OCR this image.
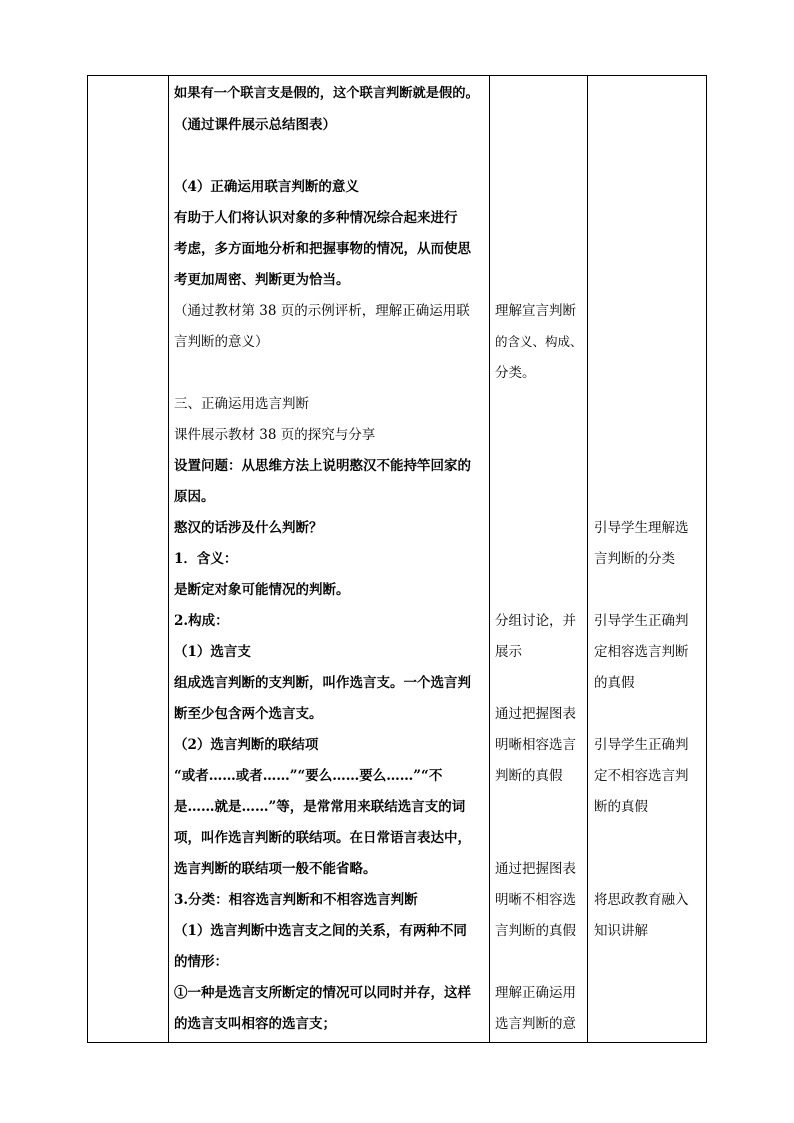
如果有一个联言支是假的，这个联言判断就是假的。
（通过课件展示总结图表）
（4）正确运用联言判断的意义
有助于人们将认识对象的多种情况综合起来进行
考虑，多方面地分析和把握事物的情况，从而使思
考更加周密、判断更为恰当。
（通过教材第 38 页的示例评析，理解正确运用联
言判断的意义）
三、正确运用选言判断
课件展示教材 38 页的探究与分享
设置问题：从思维方法上说明憨汉不能持竿回家的
原因。
憨汉的话涉及什么判断？
1．含义：
是断定对象可能情况的判断。
2.构成：
（1）选言支
组成选言判断的支判断，叫作选言支。一个选言判
断至少包含两个选言支。
（2）选言判断的联结项
“或者……或者……”“要么……要么……”“不
是……就是……”等，是常常用来联结选言支的词
项，叫作选言判断的联结项。在日常语言表达中，
选言判断的联结项一般不能省略。
3.分类：相容选言判断和不相容选言判断
（1）选言判断中选言支之间的关系，有两种不同
的情形：
①一种是选言支所断定的情况可以同时并存，这样
的选言支叫相容的选言支；
理解宣言判断
的含义、构成、
分类。
分组讨论，并
展示
通过把握图表
明晰相容选言
判断的真假
通过把握图表
明晰不相容选
言判断的真假
理解正确运用
选言判断的意
引导学生理解选
言判断的分类
引导学生正确判
定相容选言判断
的真假
引导学生正确判
定不相容选言判
断的真假
将思政教育融入
知识讲解
